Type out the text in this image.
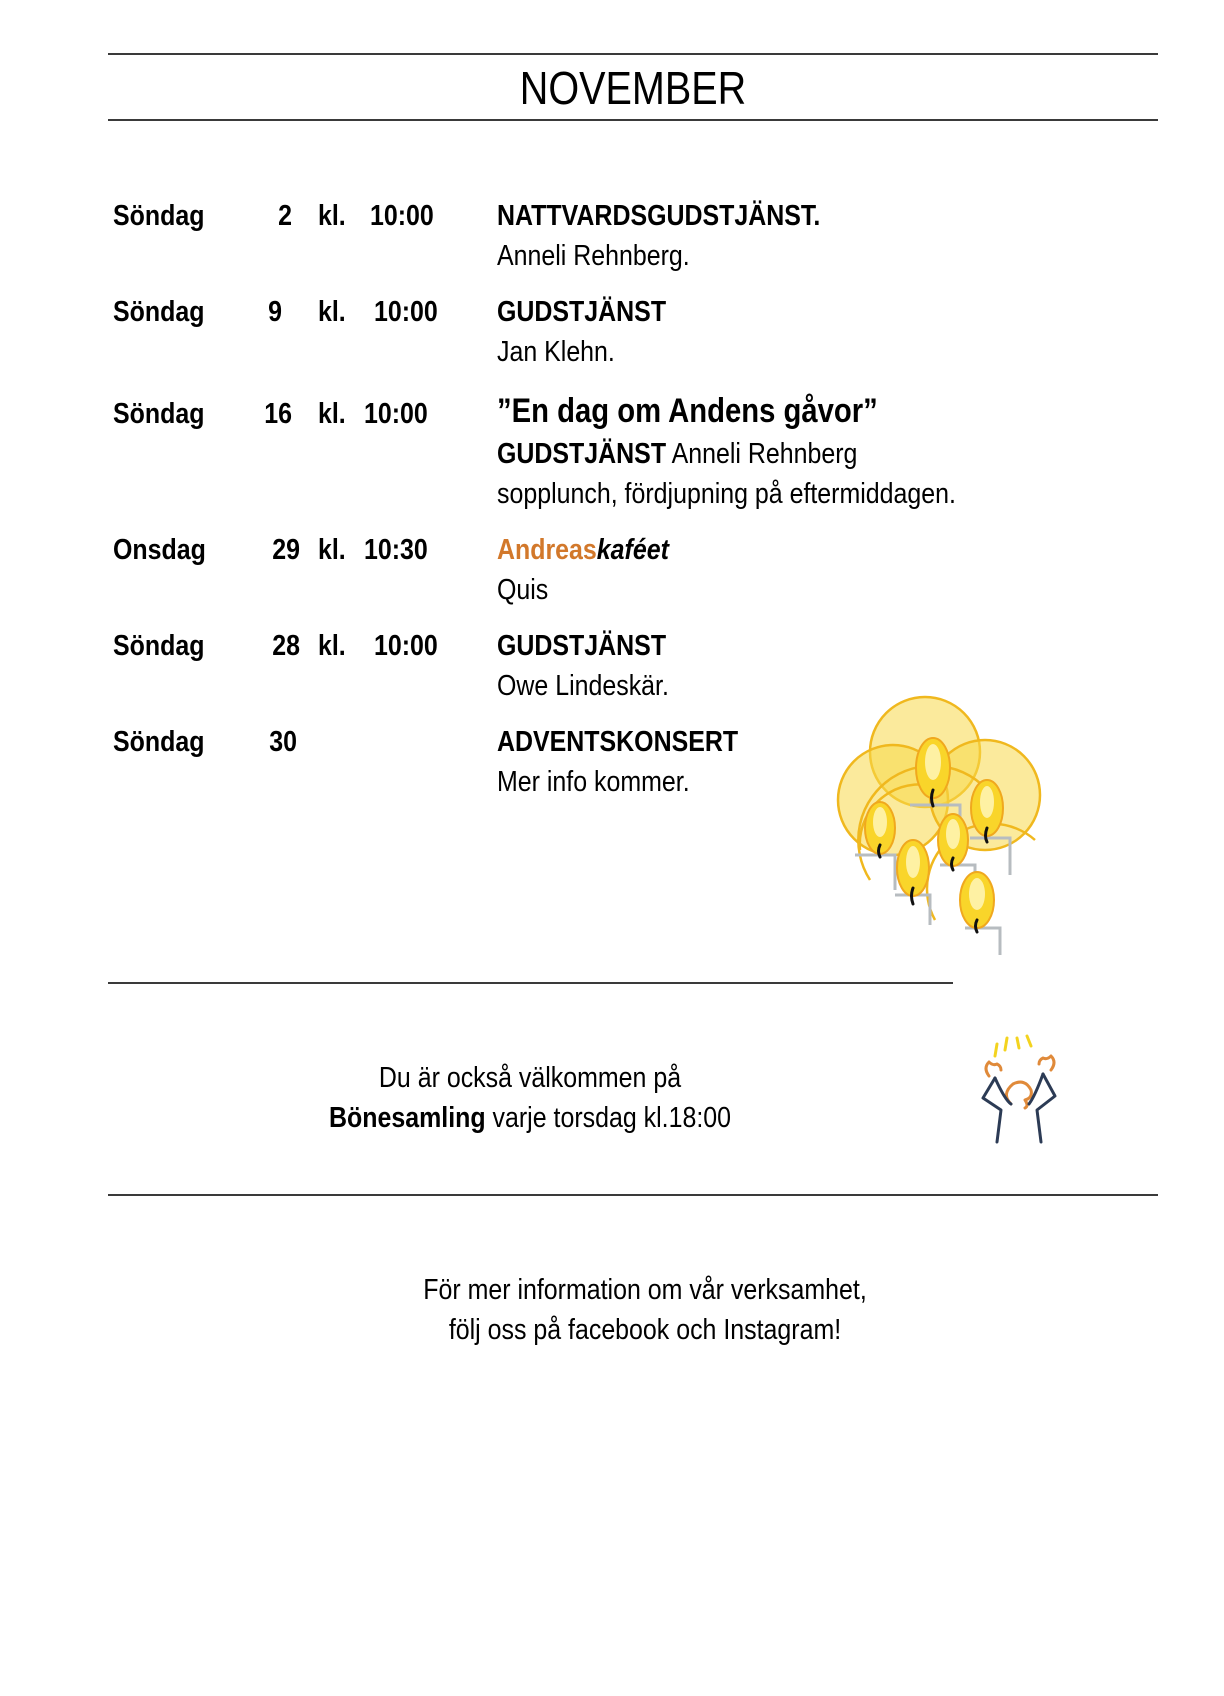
NOVEMBER
Söndag	2 kl. 10:00 NATTVARDSGUDSTJÄNST.
Anneli Rehnberg.
Söndag	9 kl. 10:00 GUDSTJÄNST
Jan Klehn.
Söndag	16 kl. 10:00 ”En dag om Andens gåvor”
GUDSTJÄNST Anneli Rehnberg
sopplunch, fördjupning på eftermiddagen.
Onsdag	29 kl. 10:30 Andreaskaféet
Quis
Söndag	28 kl. 10:00 GUDSTJÄNST
Owe Lindeskär.
Söndag	30	ADVENTSKONSERT
Mer info kommer.
Du är också välkommen på
Bönesamling varje torsdag kl.18:00
För mer information om vår verksamhet,
följ oss på facebook och Instagram!
